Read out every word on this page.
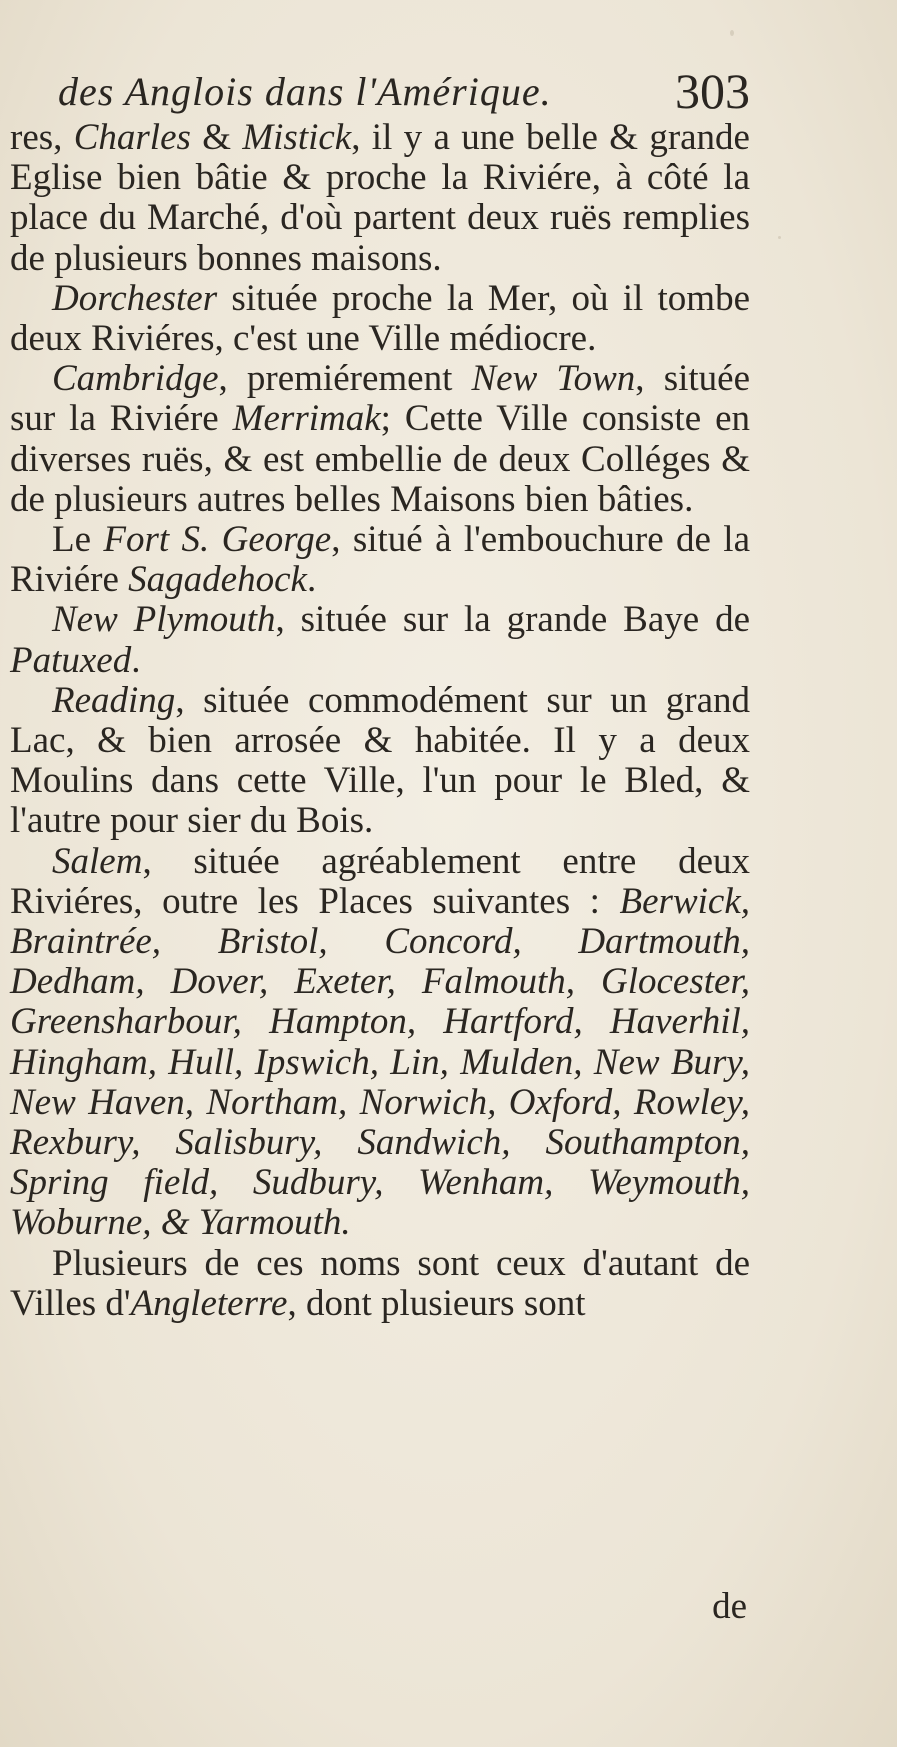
des Anglois dans l'Amérique. 303

res, Charles & Mistick, il y a une belle & grande Eglise bien bâtie & proche la Riviére, à côté la place du Marché, d'où partent deux ruës remplies de plusieurs bonnes maisons.

Dorchester située proche la Mer, où il tombe deux Riviéres, c'est une Ville médiocre.

Cambridge, premiérement New Town, située sur la Riviére Merrimak; Cette Ville consiste en diverses ruës, & est embellie de deux Colléges & de plusieurs autres belles Maisons bien bâties.

Le Fort S. George, situé à l'embouchure de la Riviére Sagadehock.

New Plymouth, située sur la grande Baye de Patuxed.

Reading, située commodément sur un grand Lac, & bien arrosée & habitée. Il y a deux Moulins dans cette Ville, l'un pour le Bled, & l'autre pour sier du Bois.

Salem, située agréablement entre deux Riviéres, outre les Places suivantes : Berwick, Braintrée, Bristol, Concord, Dartmouth, Dedham, Dover, Exeter, Falmouth, Glocester, Greensharbour, Hampton, Hartford, Haverhil, Hingham, Hull, Ipswich, Lin, Mulden, New Bury, New Haven, Northam, Norwich, Oxford, Rowley, Rexbury, Salisbury, Sandwich, Southampton, Spring field, Sudbury, Wenham, Weymouth, Woburne, & Yarmouth.

Plusieurs de ces noms sont ceux d'autant de Villes d'Angleterre, dont plusieurs sont

de
